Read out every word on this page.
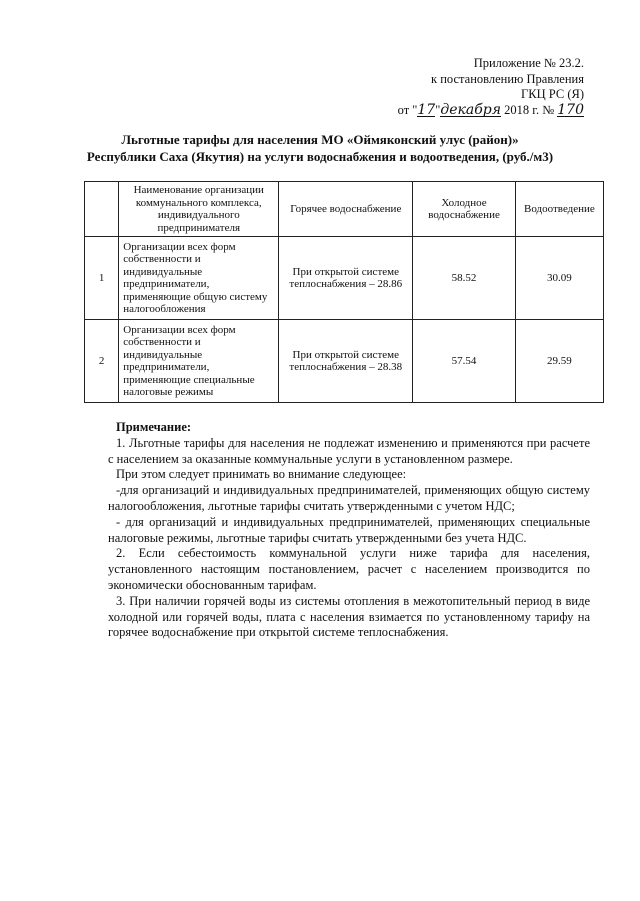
Приложение № 23.2.
к постановлению Правления
ГКЦ РС (Я)
от "17"декабря 2018 г. № 170
Льготные тарифы для населения МО «Оймяконский улус (район)»
Республики Саха (Якутия) на услуги водоснабжения и водоотведения, (руб./м3)
	Наименование организации коммунального комплекса, индивидуального предпринимателя	Горячее водоснабжение	Холодное водоснабжение	Водоотведение
1	Организации всех форм собственности и индивидуальные предприниматели, применяющие общую систему налогообложения	При открытой системе теплоснабжения – 28.86	58.52	30.09
2	Организации всех форм собственности и индивидуальные предприниматели, применяющие специальные налоговые режимы	При открытой системе теплоснабжения – 28.38	57.54	29.59
Примечание:

1. Льготные тарифы для населения не подлежат изменению и применяются при расчете с населением за оказанные коммунальные услуги в установленном размере.

При этом следует принимать во внимание следующее:

-для организаций и индивидуальных предпринимателей, применяющих общую систему налогообложения, льготные тарифы считать утвержденными с учетом НДС;

- для организаций и индивидуальных предпринимателей, применяющих специальные налоговые режимы, льготные тарифы считать утвержденными без учета НДС.

2. Если себестоимость коммунальной услуги ниже тарифа для населения, установленного настоящим постановлением, расчет с населением производится по экономически обоснованным тарифам.

3. При наличии горячей воды из системы отопления в межотопительный период в виде холодной или горячей воды, плата с населения взимается по установленному тарифу на горячее водоснабжение при открытой системе теплоснабжения.
